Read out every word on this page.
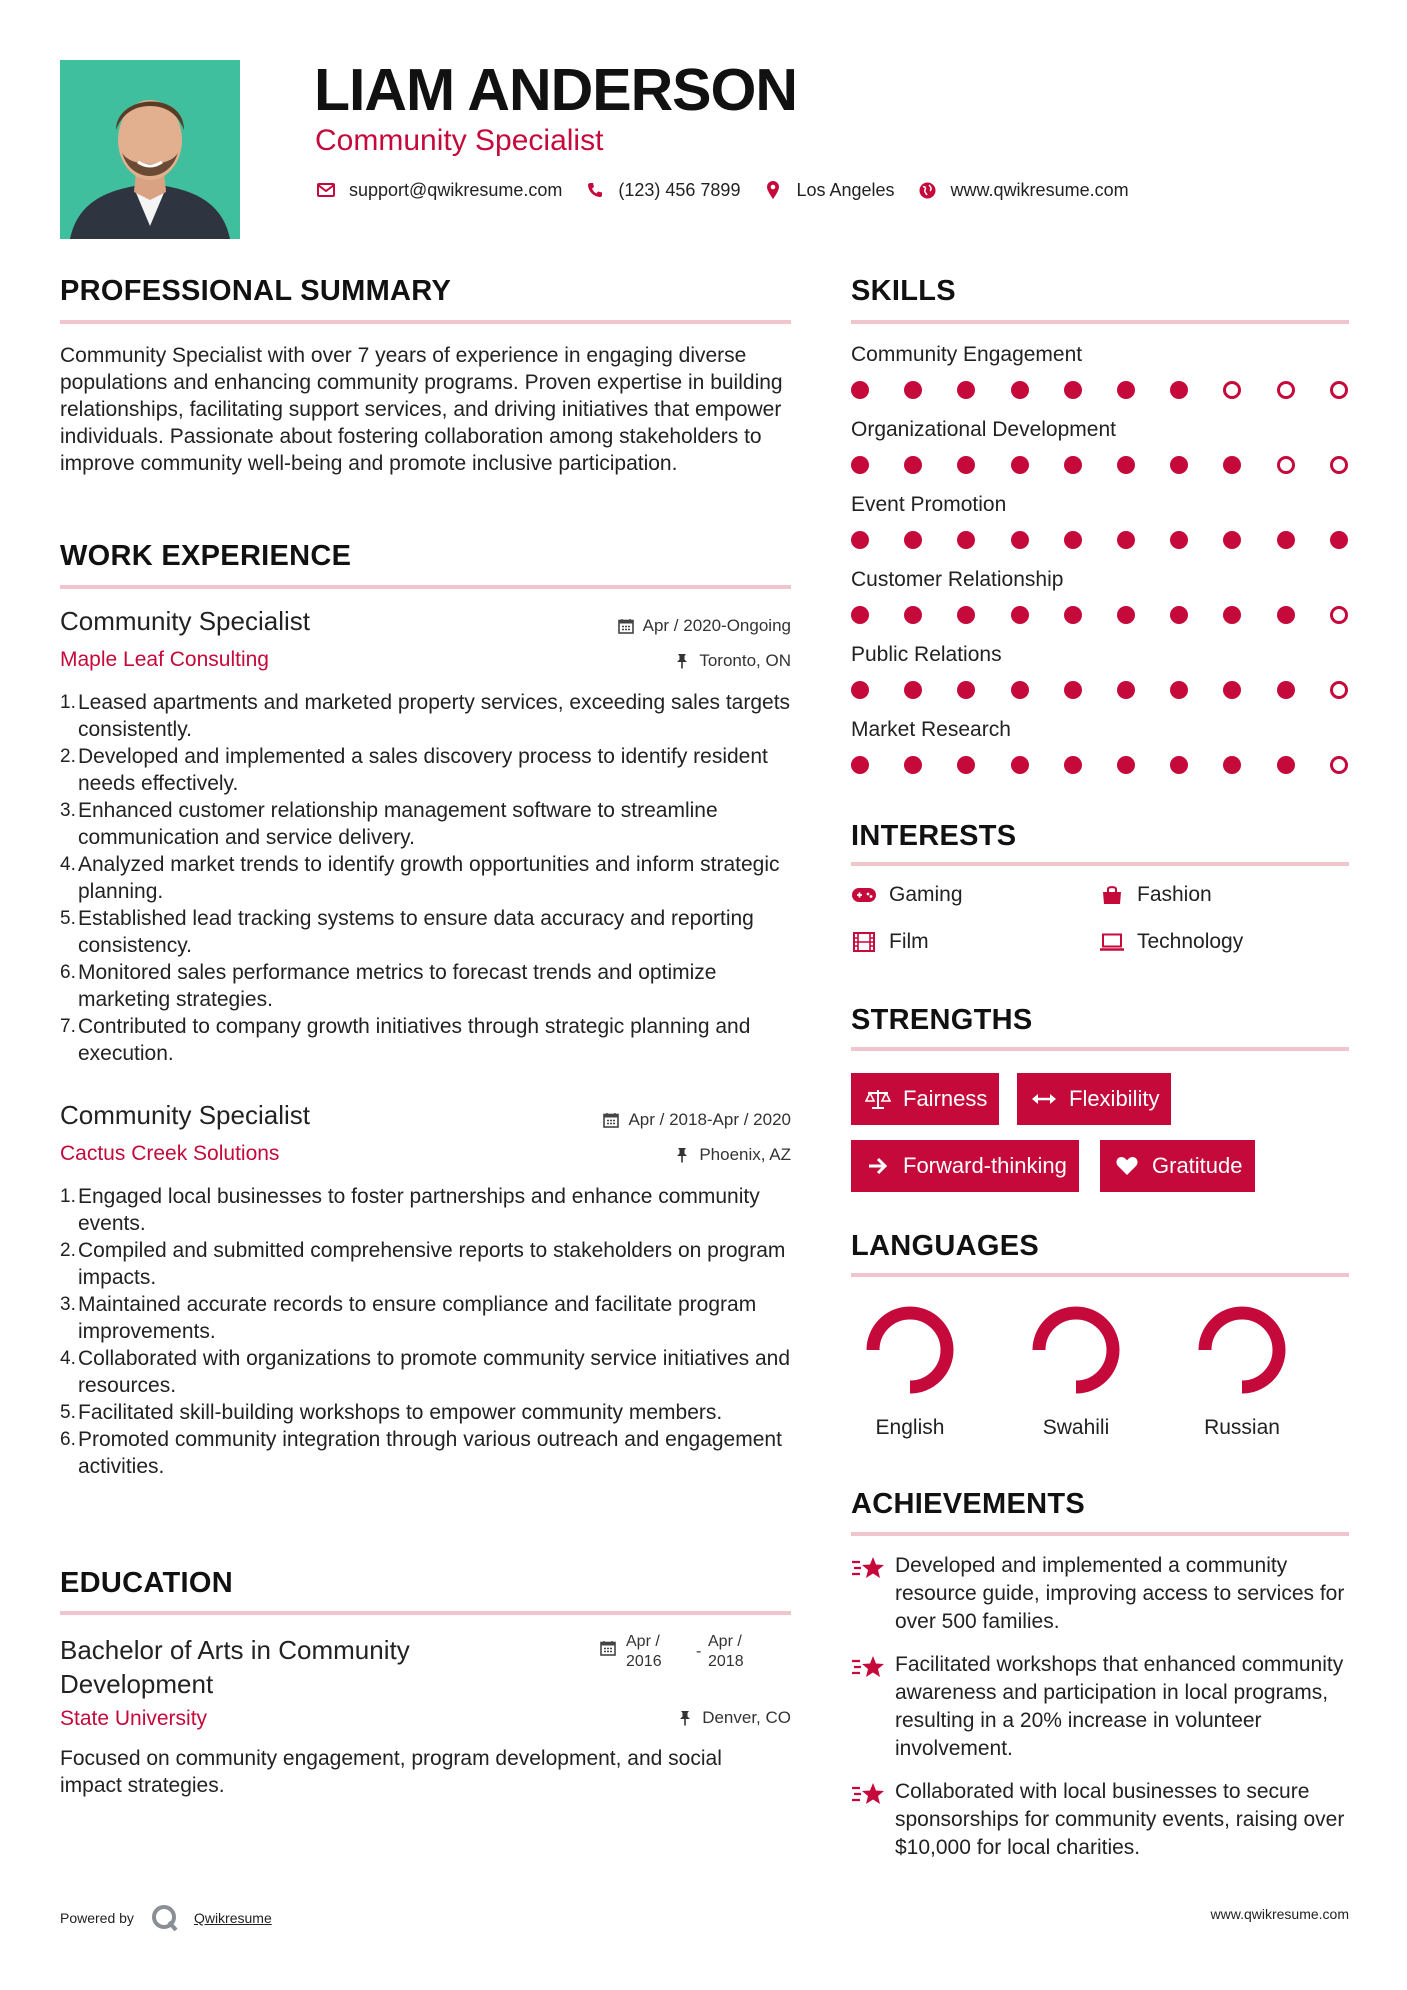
LIAM ANDERSON
Community Specialist
support@qwikresume.com	(123) 456 7899	Los Angeles	www.qwikresume.com
PROFESSIONAL SUMMARY
Community Specialist with over 7 years of experience in engaging diverse populations and enhancing community programs. Proven expertise in building relationships, facilitating support services, and driving initiatives that empower individuals. Passionate about fostering collaboration among stakeholders to improve community well-being and promote inclusive participation.
WORK EXPERIENCE
Community Specialist
Maple Leaf Consulting
Apr / 2020-Ongoing
Toronto, ON
1. Leased apartments and marketed property services, exceeding sales targets consistently.
2. Developed and implemented a sales discovery process to identify resident needs effectively.
3. Enhanced customer relationship management software to streamline communication and service delivery.
4. Analyzed market trends to identify growth opportunities and inform strategic planning.
5. Established lead tracking systems to ensure data accuracy and reporting consistency.
6. Monitored sales performance metrics to forecast trends and optimize marketing strategies.
7. Contributed to company growth initiatives through strategic planning and execution.
Community Specialist
Cactus Creek Solutions
Apr / 2018-Apr / 2020
Phoenix, AZ
1. Engaged local businesses to foster partnerships and enhance community events.
2. Compiled and submitted comprehensive reports to stakeholders on program impacts.
3. Maintained accurate records to ensure compliance and facilitate program improvements.
4. Collaborated with organizations to promote community service initiatives and resources.
5. Facilitated skill-building workshops to empower community members.
6. Promoted community integration through various outreach and engagement activities.
EDUCATION
Bachelor of Arts in Community Development
Apr /
2016
-
Apr /
2018
State University	Denver, CO
Focused on community engagement, program development, and social impact strategies.
SKILLS
Community Engagement
Organizational Development
Event Promotion
Customer Relationship
Public Relations
Market Research
INTERESTS
Gaming	Fashion
Film	Technology
STRENGTHS
Fairness	Flexibility
Forward-thinking	Gratitude
LANGUAGES
English	Swahili	Russian
ACHIEVEMENTS
Developed and implemented a community resource guide, improving access to services for over 500 families.
Facilitated workshops that enhanced community awareness and participation in local programs, resulting in a 20% increase in volunteer involvement.
Collaborated with local businesses to secure sponsorships for community events, raising over $10,000 for local charities.
Powered by	Qwikresume	www.qwikresume.com
